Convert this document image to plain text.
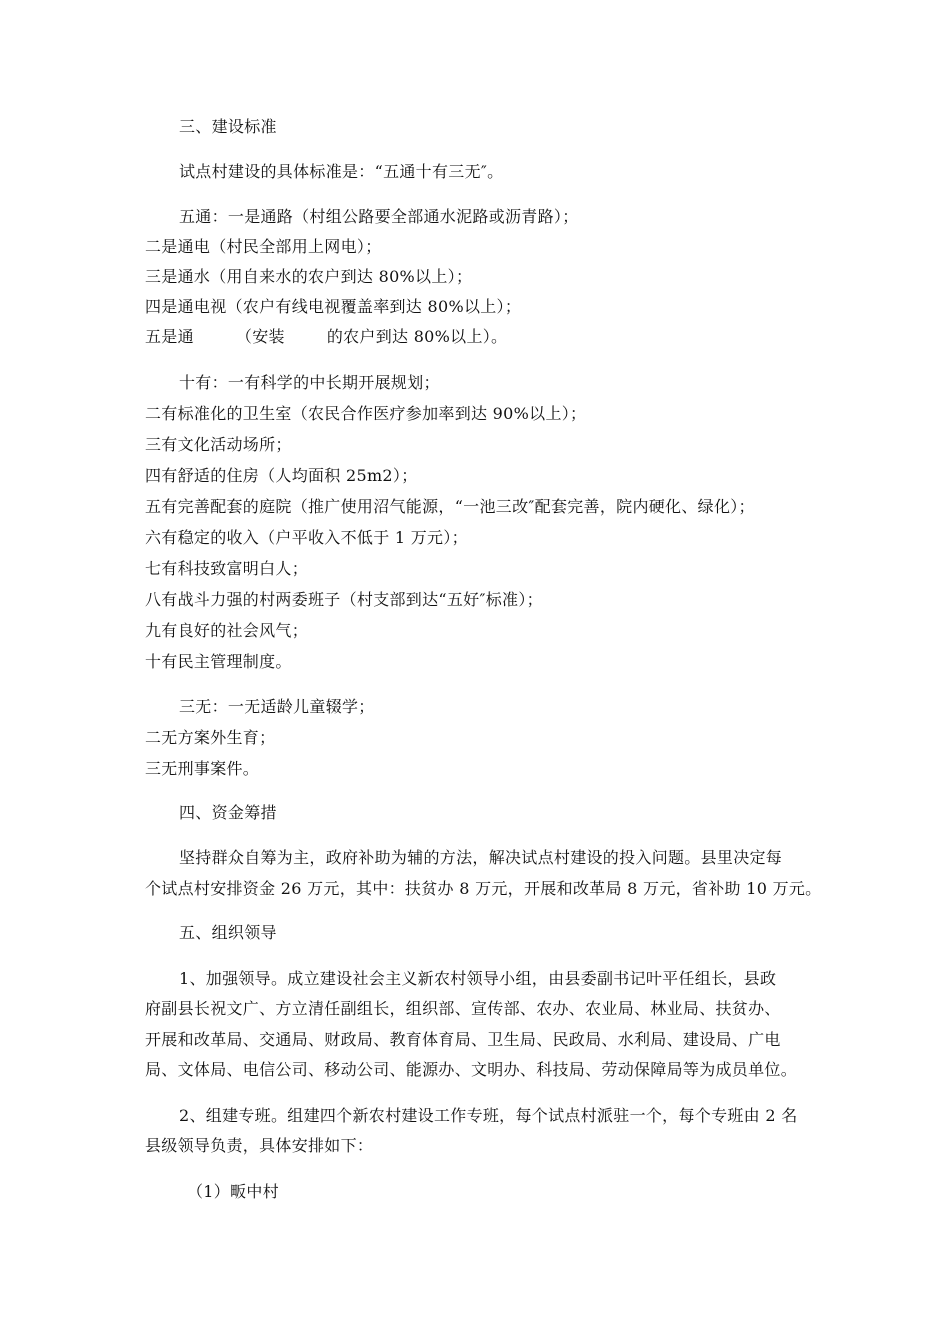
三、建设标准
试点村建设的具体标准是：“五通十有三无″。
五通：一是通路（村组公路要全部通水泥路或沥青路）；
二是通电（村民全部用上网电）；
三是通水（用自来水的农户到达 80%以上）；
四是通电视（农户有线电视覆盖率到达 80%以上）；
五是通	（安装	的农户到达 80%以上）。
十有：一有科学的中长期开展规划；
二有标准化的卫生室（农民合作医疗参加率到达 90%以上）；
三有文化活动场所；
四有舒适的住房（人均面积 25m2）；
五有完善配套的庭院（推广使用沼气能源，“一池三改″配套完善，院内硬化、绿化）；
六有稳定的收入（户平收入不低于 1 万元）；
七有科技致富明白人；
八有战斗力强的村两委班子（村支部到达“五好″标准）；
九有良好的社会风气；
十有民主管理制度。
三无：一无适龄儿童辍学；
二无方案外生育；
三无刑事案件。
四、资金筹措
坚持群众自筹为主，政府补助为辅的方法，解决试点村建设的投入问题。县里决定每
个试点村安排资金 26 万元，其中：扶贫办 8 万元，开展和改革局 8 万元，省补助 10 万元。
五、组织领导
1、加强领导。成立建设社会主义新农村领导小组，由县委副书记叶平任组长，县政
府副县长祝文广、方立清任副组长，组织部、宣传部、农办、农业局、林业局、扶贫办、
开展和改革局、交通局、财政局、教育体育局、卫生局、民政局、水利局、建设局、广电
局、文体局、电信公司、移动公司、能源办、文明办、科技局、劳动保障局等为成员单位。
2、组建专班。组建四个新农村建设工作专班，每个试点村派驻一个，每个专班由 2 名
县级领导负责，具体安排如下：
（1）畈中村
